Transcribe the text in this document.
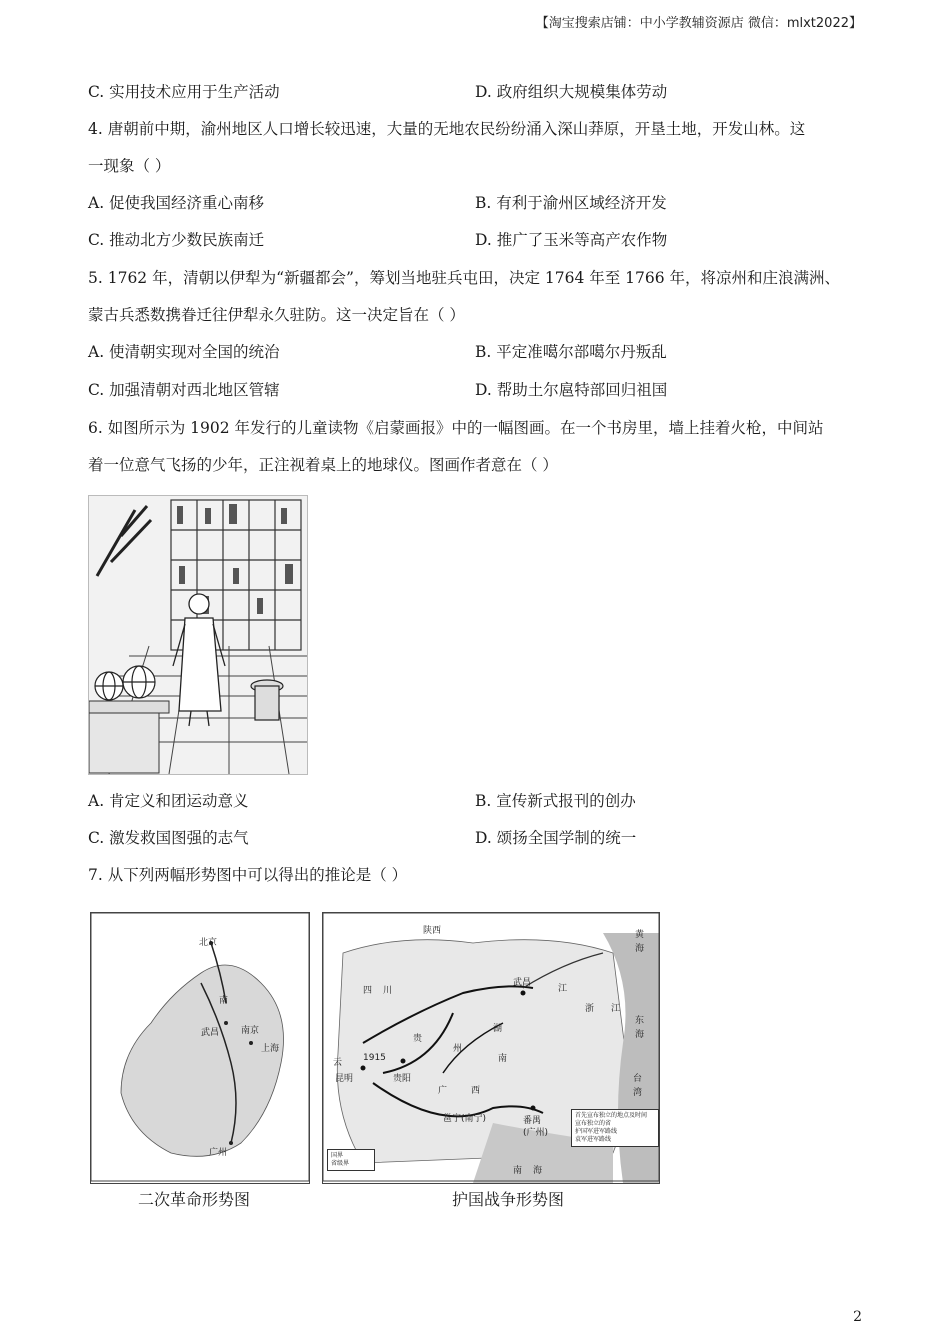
【淘宝搜索店铺：中小学教辅资源店 微信：mlxt2022】
C. 实用技术应用于生产活动	D. 政府组织大规模集体劳动
4. 唐朝前中期，渝州地区人口增长较迅速，大量的无地农民纷纷涌入深山莽原，开垦土地，开发山林。这
一现象（ ）
A. 促使我国经济重心南移	B. 有利于渝州区域经济开发
C. 推动北方少数民族南迁	D. 推广了玉米等高产农作物
5. 1762 年，清朝以伊犁为“新疆都会”，筹划当地驻兵屯田，决定 1764 年至 1766 年，将凉州和庄浪满洲、
蒙古兵悉数携眷迁往伊犁永久驻防。这一决定旨在（ ）
A. 使清朝实现对全国的统治	B. 平定准噶尔部噶尔丹叛乱
C. 加强清朝对西北地区管辖	D. 帮助土尔扈特部回归祖国
6. 如图所示为 1902 年发行的儿童读物《启蒙画报》中的一幅图画。在一个书房里，墙上挂着火枪，中间站
着一位意气飞扬的少年，正注视着桌上的地球仪。图画作者意在（ ）
A. 肯定义和团运动意义	B. 宣传新式报刊的创办
C. 激发救国图强的志气	D. 颂扬全国学制的统一
7. 从下列两幅形势图中可以得出的推论是（ ）
北京
南
武昌 南京
上海
广州
陕西
四 川
武昌
江
浙 江
湖
南
贵
州
贵阳
云
昆明
1915
广	西
邕宁(南宁)	番禺
(广州)
台
湾
南 海
东
海
黄
海
首先宣布独立的地点及时间
宣布独立的省
护国军进军路线
袁军进军路线
国界
省级界
二次革命形势图	护国战争形势图
2
